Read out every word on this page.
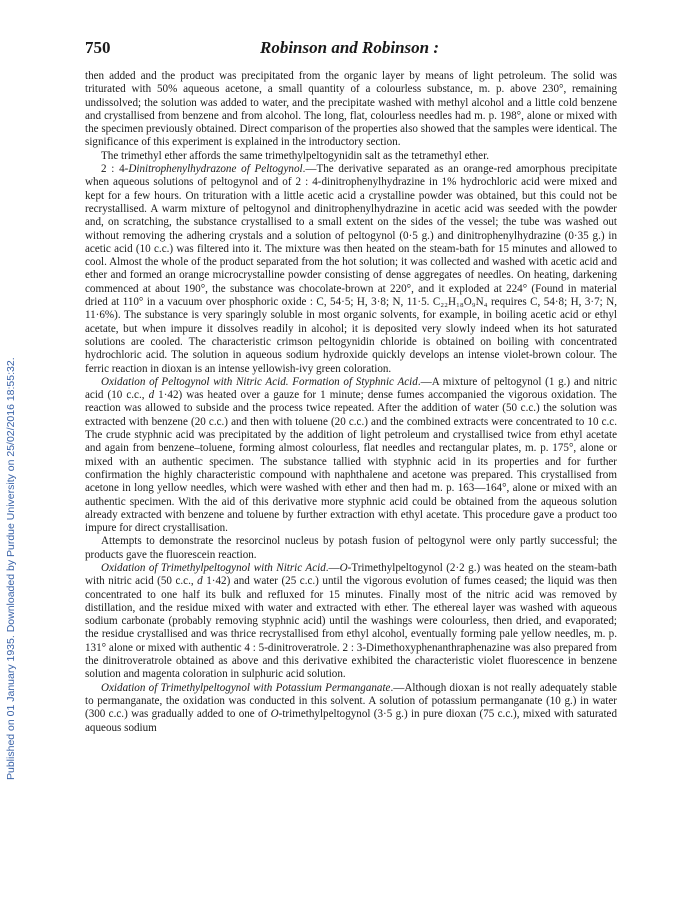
Published on 01 January 1935. Downloaded by Purdue University on 25/02/2016 18:55:32.
750	Robinson and Robinson :

then added and the product was precipitated from the organic layer by means of light petroleum. The solid was triturated with 50% aqueous acetone, a small quantity of a colourless substance, m. p. above 230°, remaining undissolved; the solution was added to water, and the precipitate washed with methyl alcohol and a little cold benzene and crystallised from benzene and from alcohol. The long, flat, colourless needles had m. p. 198°, alone or mixed with the specimen previously obtained. Direct comparison of the properties also showed that the samples were identical. The significance of this experiment is explained in the introductory section.

The trimethyl ether affords the same trimethylpeltogynidin salt as the tetramethyl ether.

2 : 4-Dinitrophenylhydrazone of Peltogynol.—The derivative separated as an orange-red amorphous precipitate when aqueous solutions of peltogynol and of 2 : 4-dinitrophenylhydrazine in 1% hydrochloric acid were mixed and kept for a few hours. On trituration with a little acetic acid a crystalline powder was obtained, but this could not be recrystallised. A warm mixture of peltogynol and dinitrophenylhydrazine in acetic acid was seeded with the powder and, on scratching, the substance crystallised to a small extent on the sides of the vessel; the tube was washed out without removing the adhering crystals and a solution of peltogynol (0·5 g.) and dinitrophenylhydrazine (0·35 g.) in acetic acid (10 c.c.) was filtered into it. The mixture was then heated on the steam-bath for 15 minutes and allowed to cool. Almost the whole of the product separated from the hot solution; it was collected and washed with acetic acid and ether and formed an orange microcrystalline powder consisting of dense aggregates of needles. On heating, darkening commenced at about 190°, the substance was chocolate-brown at 220°, and it exploded at 224° (Found in material dried at 110° in a vacuum over phosphoric oxide : C, 54·5; H, 3·8; N, 11·5. C₂₂H₁₈O₉N₄ requires C, 54·8; H, 3·7; N, 11·6%). The substance is very sparingly soluble in most organic solvents, for example, in boiling acetic acid or ethyl acetate, but when impure it dissolves readily in alcohol; it is deposited very slowly indeed when its hot saturated solutions are cooled. The characteristic crimson peltogynidin chloride is obtained on boiling with concentrated hydrochloric acid. The solution in aqueous sodium hydroxide quickly develops an intense violet-brown colour. The ferric reaction in dioxan is an intense yellowish-ivy green coloration.

Oxidation of Peltogynol with Nitric Acid. Formation of Styphnic Acid.—A mixture of peltogynol (1 g.) and nitric acid (10 c.c., d 1·42) was heated over a gauze for 1 minute; dense fumes accompanied the vigorous oxidation. The reaction was allowed to subside and the process twice repeated. After the addition of water (50 c.c.) the solution was extracted with benzene (20 c.c.) and then with toluene (20 c.c.) and the combined extracts were concentrated to 10 c.c. The crude styphnic acid was precipitated by the addition of light petroleum and crystallised twice from ethyl acetate and again from benzene–toluene, forming almost colourless, flat needles and rectangular plates, m. p. 175°, alone or mixed with an authentic specimen. The substance tallied with styphnic acid in its properties and for further confirmation the highly characteristic compound with naphthalene and acetone was prepared. This crystallised from acetone in long yellow needles, which were washed with ether and then had m. p. 163—164°, alone or mixed with an authentic specimen. With the aid of this derivative more styphnic acid could be obtained from the aqueous solution already extracted with benzene and toluene by further extraction with ethyl acetate. This procedure gave a product too impure for direct crystallisation.

Attempts to demonstrate the resorcinol nucleus by potash fusion of peltogynol were only partly successful; the products gave the fluorescein reaction.

Oxidation of Trimethylpeltogynol with Nitric Acid.—O-Trimethylpeltogynol (2·2 g.) was heated on the steam-bath with nitric acid (50 c.c., d 1·42) and water (25 c.c.) until the vigorous evolution of fumes ceased; the liquid was then concentrated to one half its bulk and refluxed for 15 minutes. Finally most of the nitric acid was removed by distillation, and the residue mixed with water and extracted with ether. The ethereal layer was washed with aqueous sodium carbonate (probably removing styphnic acid) until the washings were colourless, then dried, and evaporated; the residue crystallised and was thrice recrystallised from ethyl alcohol, eventually forming pale yellow needles, m. p. 131° alone or mixed with authentic 4 : 5-dinitroveratrole. 2 : 3-Dimethoxyphenanthraphenazine was also prepared from the dinitroveratrole obtained as above and this derivative exhibited the characteristic violet fluorescence in benzene solution and magenta coloration in sulphuric acid solution.

Oxidation of Trimethylpeltogynol with Potassium Permanganate.—Although dioxan is not really adequately stable to permanganate, the oxidation was conducted in this solvent. A solution of potassium permanganate (10 g.) in water (300 c.c.) was gradually added to one of O-trimethylpeltogynol (3·5 g.) in pure dioxan (75 c.c.), mixed with saturated aqueous sodium
